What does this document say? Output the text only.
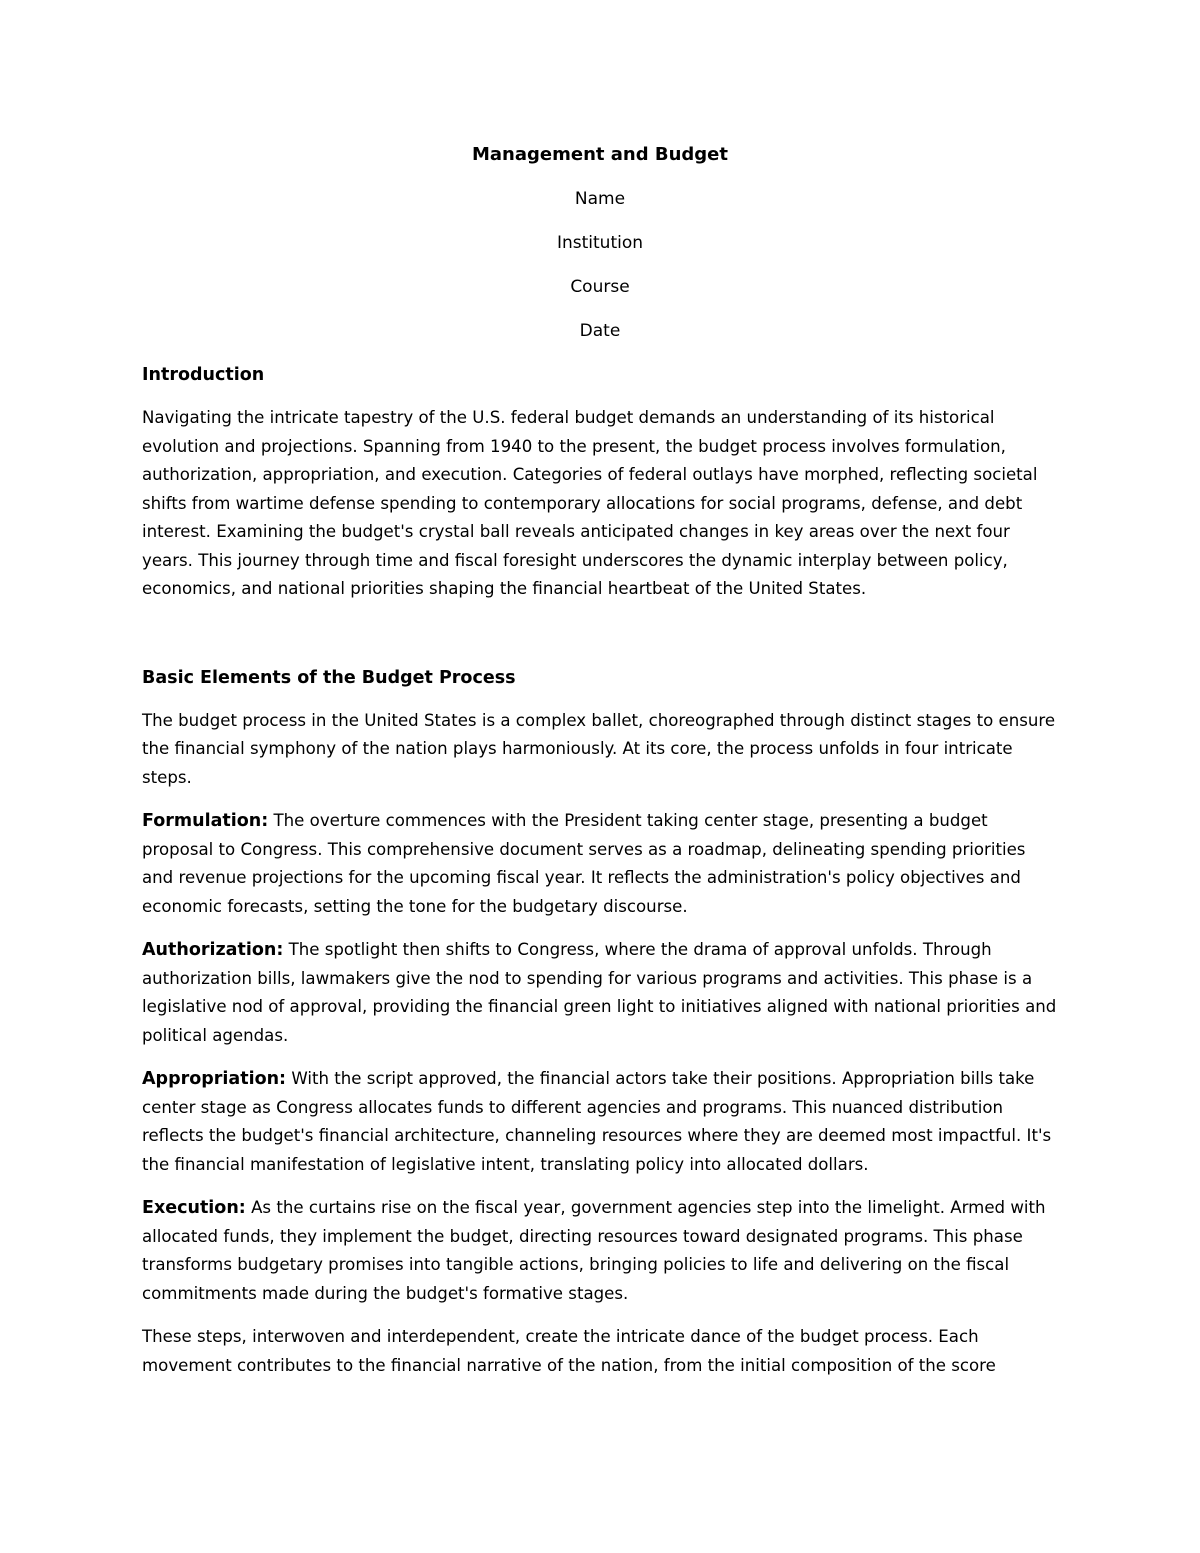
Management and Budget

Name

Institution

Course

Date

Introduction

Navigating the intricate tapestry of the U.S. federal budget demands an understanding of its historical evolution and projections. Spanning from 1940 to the present, the budget process involves formulation, authorization, appropriation, and execution. Categories of federal outlays have morphed, reflecting societal shifts from wartime defense spending to contemporary allocations for social programs, defense, and debt interest. Examining the budget's crystal ball reveals anticipated changes in key areas over the next four years. This journey through time and fiscal foresight underscores the dynamic interplay between policy, economics, and national priorities shaping the financial heartbeat of the United States.

Basic Elements of the Budget Process

The budget process in the United States is a complex ballet, choreographed through distinct stages to ensure the financial symphony of the nation plays harmoniously. At its core, the process unfolds in four intricate steps.

Formulation: The overture commences with the President taking center stage, presenting a budget proposal to Congress. This comprehensive document serves as a roadmap, delineating spending priorities and revenue projections for the upcoming fiscal year. It reflects the administration's policy objectives and economic forecasts, setting the tone for the budgetary discourse.

Authorization: The spotlight then shifts to Congress, where the drama of approval unfolds. Through authorization bills, lawmakers give the nod to spending for various programs and activities. This phase is a legislative nod of approval, providing the financial green light to initiatives aligned with national priorities and political agendas.

Appropriation: With the script approved, the financial actors take their positions. Appropriation bills take center stage as Congress allocates funds to different agencies and programs. This nuanced distribution reflects the budget's financial architecture, channeling resources where they are deemed most impactful. It's the financial manifestation of legislative intent, translating policy into allocated dollars.

Execution: As the curtains rise on the fiscal year, government agencies step into the limelight. Armed with allocated funds, they implement the budget, directing resources toward designated programs. This phase transforms budgetary promises into tangible actions, bringing policies to life and delivering on the fiscal commitments made during the budget's formative stages.

These steps, interwoven and interdependent, create the intricate dance of the budget process. Each movement contributes to the financial narrative of the nation, from the initial composition of the score
